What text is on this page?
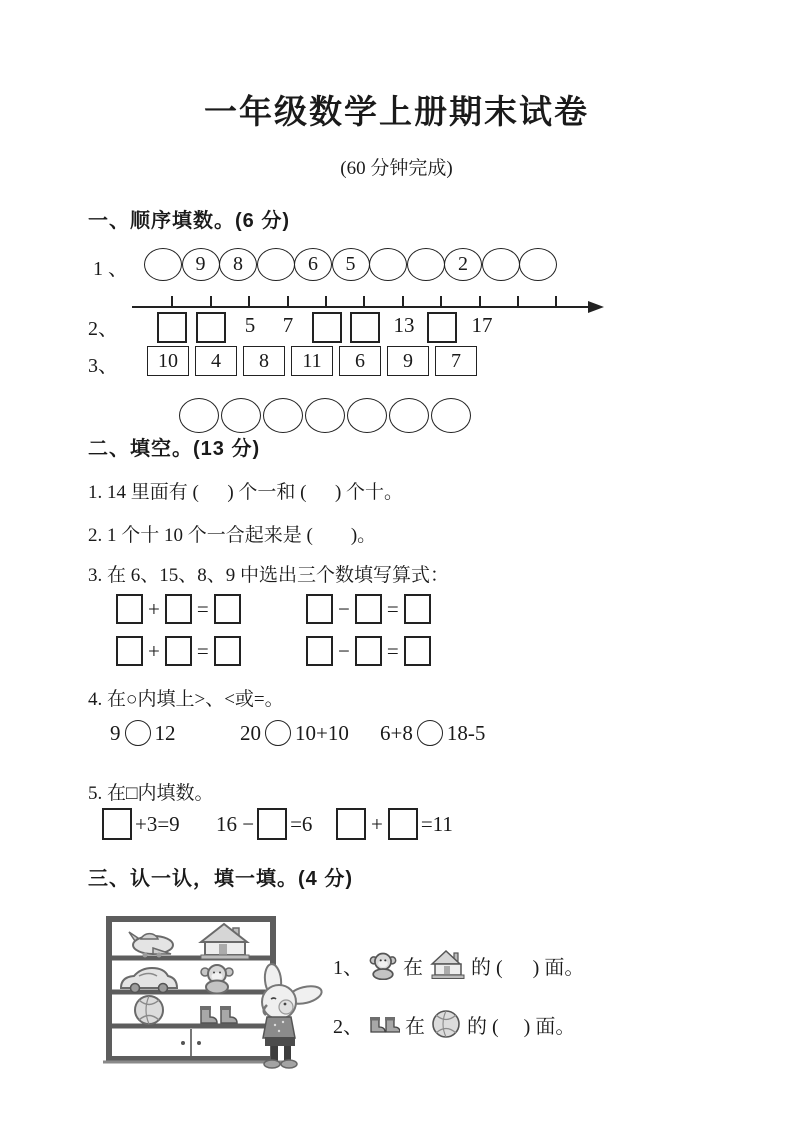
一年级数学上册期末试卷
(60 分钟完成)
一、顺序填数。(6 分)
1 、	9	8	6	5	2
2、	5 7	13	17
3、	10	4	8	11	6	9	7
二、填空。(13 分)
1. 14 里面有 (      ) 个一和 (      ) 个十。
2. 1 个十 10 个一合起来是 (        )。
3. 在 6、15、8、9 中选出三个数填写算式：
+ =	− =
+ =	− =
4. 在○内填上>、<或=。
9 12	20 10+10 6+8 18-5
5. 在□内填数。
+3=9 16 − =6	+ =11
三、认一认，填一填。(4 分)
1、 在 的 (      ) 面。
2、 在 的 (     ) 面。
